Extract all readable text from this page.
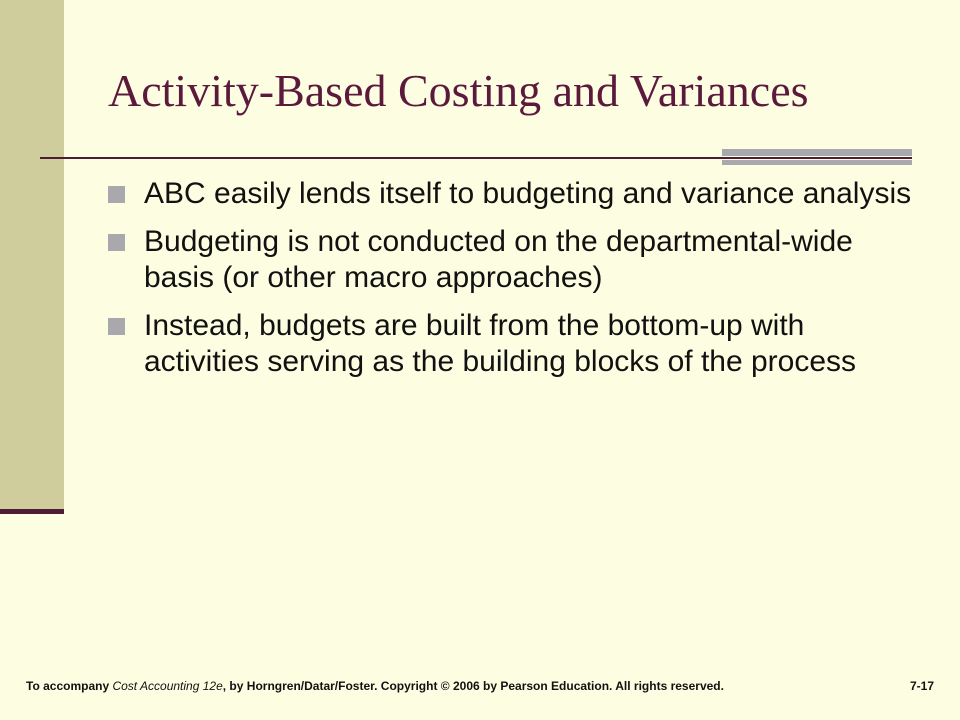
Activity-Based Costing and Variances
ABC easily lends itself to budgeting and variance analysis
Budgeting is not conducted on the departmental-wide basis (or other macro approaches)
Instead, budgets are built from the bottom-up with activities serving as the building blocks of the process
To accompany Cost Accounting 12e, by Horngren/Datar/Foster. Copyright © 2006 by Pearson Education. All rights reserved.	7-17
